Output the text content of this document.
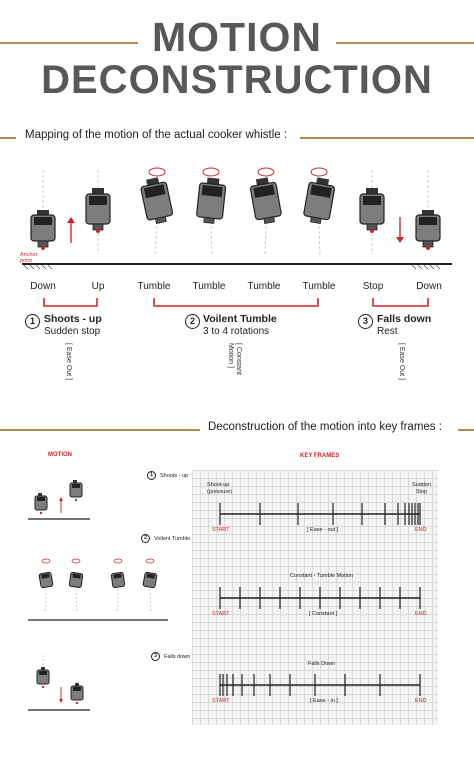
MOTION
DECONSTRUCTION
Mapping of the motion of the actual cooker whistle :
Anchor point
Down	Up	Tumble	Tumble	Tumble	Tumble	Stop	Down
1 Shoots - up
Sudden stop
[ Ease Out ]
2 Voilent Tumble
3 to 4 rotations
[ Constant Motion ]
3 Falls down
Rest
[ Ease Out ]
Deconstruction of the motion into key frames :
MOTION	KEY FRAMES
1	Shoots - up
2	Voilent Tumble
3	Falls down
Shoot-up
(pressure)
Sudden
Stop
START	[ Ease - out ]	END
Constant - Tumble Motion
START	[ Constant ]	END
Falls Down
START	[ Ease - in ]	END
